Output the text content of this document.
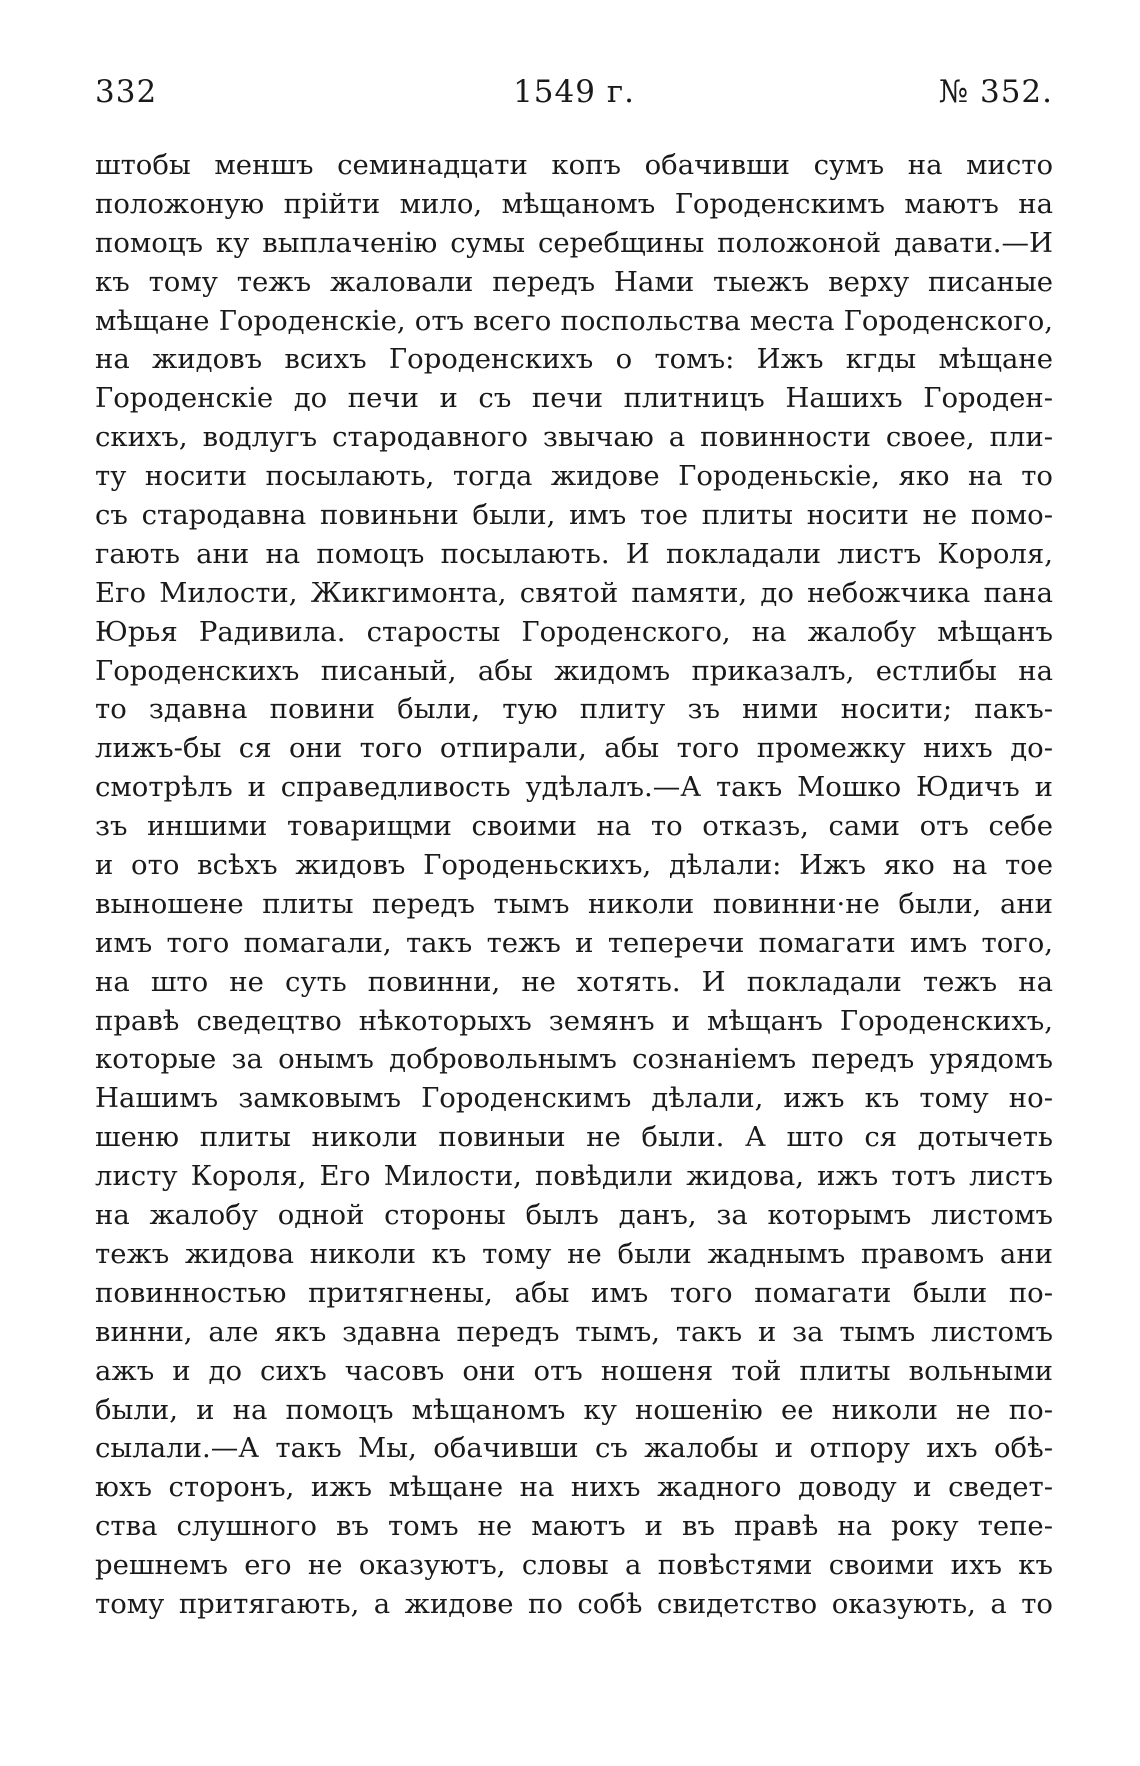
332	1549 г.	№ 352.
штобы меншъ семинадцати копъ обачивши сумъ на мисто
положоную прійти мило, мѣщаномъ Городенскимъ маютъ на
помоцъ ку выплаченію сумы серебщины положоной давати.—И
къ тому тежъ жаловали передъ Нами тыежъ верху писаные
мѣщане Городенскіе, отъ всего поспольства места Городенского,
на жидовъ всихъ Городенскихъ о томъ: Ижъ кгды мѣщане
Городенскіе до печи и съ печи плитницъ Нашихъ Городен-
скихъ, водлугъ стародавного звычаю а повинности своее, пли-
ту носити посылають, тогда жидове Городеньскіе, яко на то
съ стародавна повиньни были, имъ тое плиты носити не помо-
гають ани на помоцъ посылають. И покладали листъ Короля,
Его Милости, Жикгимонта, святой памяти, до небожчика пана
Юрья Радивила. старосты Городенского, на жалобу мѣщанъ
Городенскихъ писаный, абы жидомъ приказалъ, естлибы на
то здавна повини были, тую плиту зъ ними носити; пакъ-
лижъ-бы ся они того отпирали, абы того промежку нихъ до-
смотрѣлъ и справедливость удѣлалъ.—А такъ Мошко Юдичъ и
зъ иншими товарищми своими на то отказъ, сами отъ себе
и ото всѣхъ жидовъ Городеньскихъ, дѣлали: Ижъ яко на тое
выношене плиты передъ тымъ николи повинни·не были, ани
имъ того помагали, такъ тежъ и теперечи помагати имъ того,
на што не суть повинни, не хотять. И покладали тежъ на
правѣ сведецтво нѣкоторыхъ земянъ и мѣщанъ Городенскихъ,
которые за онымъ добровольнымъ сознаніемъ передъ урядомъ
Нашимъ замковымъ Городенскимъ дѣлали, ижъ къ тому но-
шеню плиты николи повиныи не были. А што ся дотычеть
листу Короля, Его Милости, повѣдили жидова, ижъ тотъ листъ
на жалобу одной стороны былъ данъ, за которымъ листомъ
тежъ жидова николи къ тому не были жаднымъ правомъ ани
повинностью притягнены, абы имъ того помагати были по-
винни, але якъ здавна передъ тымъ, такъ и за тымъ листомъ
ажъ и до сихъ часовъ они отъ ношеня той плиты вольными
были, и на помоцъ мѣщаномъ ку ношенію ее николи не по-
сылали.—А такъ Мы, обачивши съ жалобы и отпору ихъ обѣ-
юхъ сторонъ, ижъ мѣщане на нихъ жадного доводу и сведет-
ства слушного въ томъ не маютъ и въ правѣ на року тепе-
решнемъ его не оказуютъ, словы а повѣстями своими ихъ къ
тому притягають, а жидове по собѣ свидетство оказують, а то
